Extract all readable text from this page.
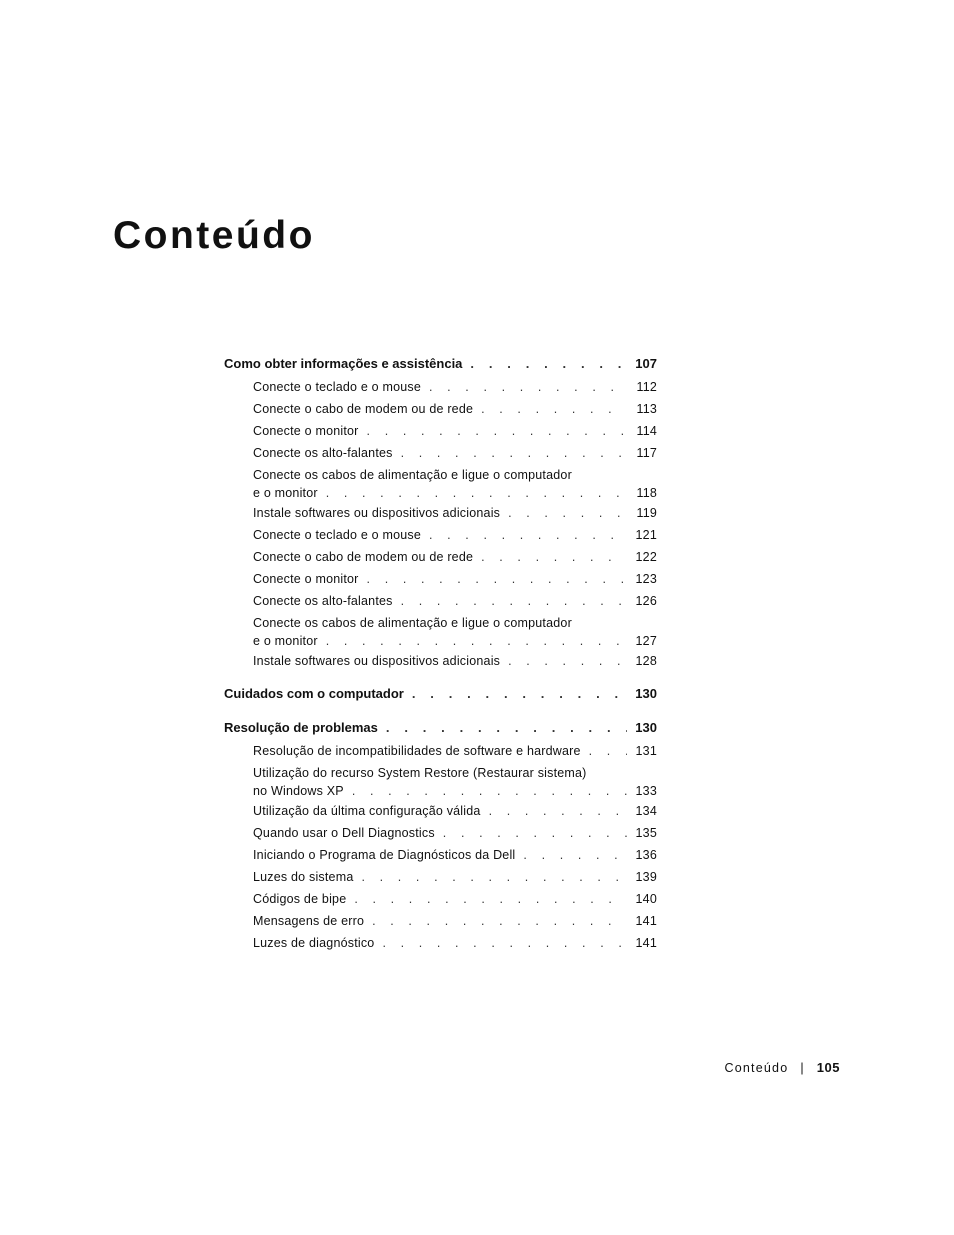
Conteúdo
Como obter informações e assistência . . .	107
Conecte o teclado e o mouse . . .	112
Conecte o cabo de modem ou de rede . . .	113
Conecte o monitor . . .	114
Conecte os alto-falantes . . .	117
Conecte os cabos de alimentação e ligue o computador
e o monitor . . .	118
Instale softwares ou dispositivos adicionais . . .	119
Conecte o teclado e o mouse . . .	121
Conecte o cabo de modem ou de rede . . .	122
Conecte o monitor . . .	123
Conecte os alto-falantes . . .	126
Conecte os cabos de alimentação e ligue o computador
e o monitor . . .	127
Instale softwares ou dispositivos adicionais . . .	128
Cuidados com o computador . . .	130
Resolução de problemas . . .	130
Resolução de incompatibilidades de software e hardware . . .	131
Utilização do recurso System Restore (Restaurar sistema)
no Windows XP . . .	133
Utilização da última configuração válida . . .	134
Quando usar o Dell Diagnostics . . .	135
Iniciando o Programa de Diagnósticos da Dell . . .	136
Luzes do sistema . . .	139
Códigos de bipe . . .	140
Mensagens de erro . . .	141
Luzes de diagnóstico . . .	141
Conteúdo | 105
